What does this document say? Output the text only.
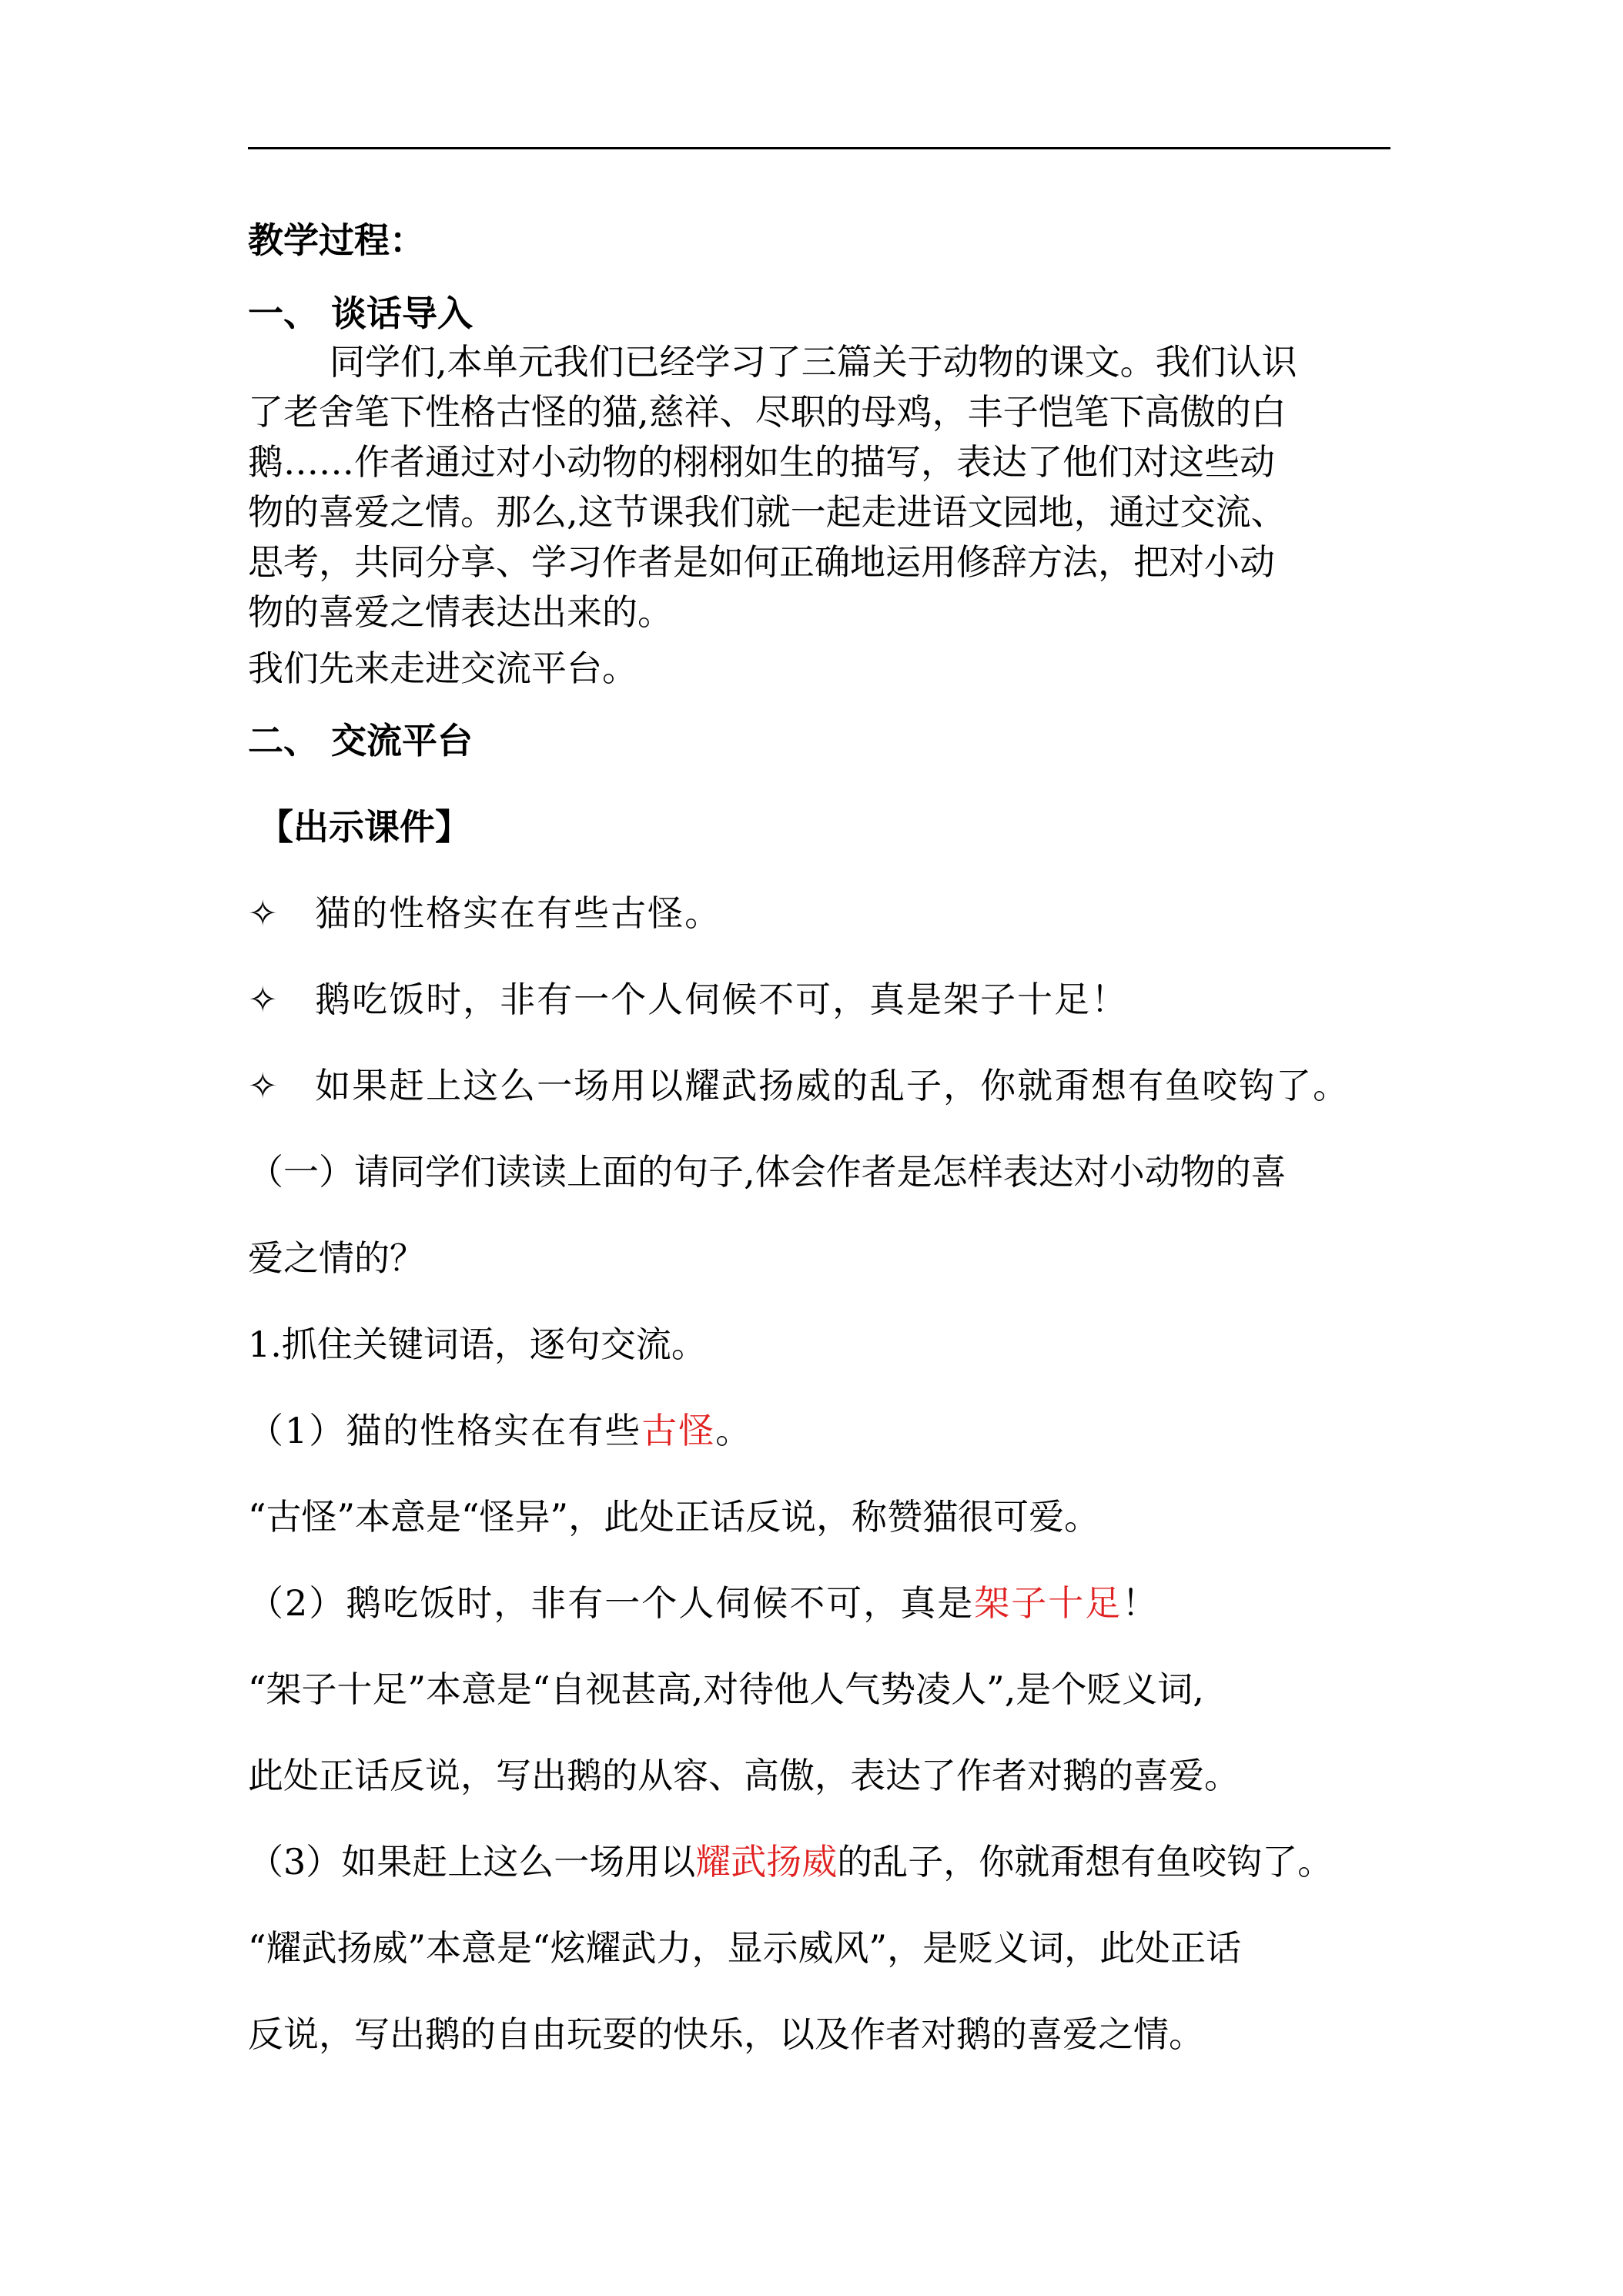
教学过程：
一、 谈话导入
同学们,本单元我们已经学习了三篇关于动物的课文。我们认识
了老舍笔下性格古怪的猫,慈祥、尽职的母鸡，丰子恺笔下高傲的白
鹅……作者通过对小动物的栩栩如生的描写，表达了他们对这些动
物的喜爱之情。那么,这节课我们就一起走进语文园地，通过交流、
思考，共同分享、学习作者是如何正确地运用修辞方法，把对小动
物的喜爱之情表达出来的。
我们先来走进交流平台。
二、 交流平台
【出示课件】
✧ 猫的性格实在有些古怪。
✧ 鹅吃饭时，非有一个人伺候不可，真是架子十足！
✧ 如果赶上这么一场用以耀武扬威的乱子，你就甭想有鱼咬钩了。
（一）请同学们读读上面的句子,体会作者是怎样表达对小动物的喜
爱之情的？
1.抓住关键词语，逐句交流。
（1）猫的性格实在有些古怪。
“古怪”本意是“怪异”，此处正话反说，称赞猫很可爱。
（2）鹅吃饭时，非有一个人伺候不可，真是架子十足！
“架子十足”本意是“自视甚高,对待他人气势凌人”,是个贬义词,
此处正话反说，写出鹅的从容、高傲，表达了作者对鹅的喜爱。
（3）如果赶上这么一场用以耀武扬威的乱子，你就甭想有鱼咬钩了。
“耀武扬威”本意是“炫耀武力，显示威风”，是贬义词，此处正话
反说，写出鹅的自由玩耍的快乐，以及作者对鹅的喜爱之情。
